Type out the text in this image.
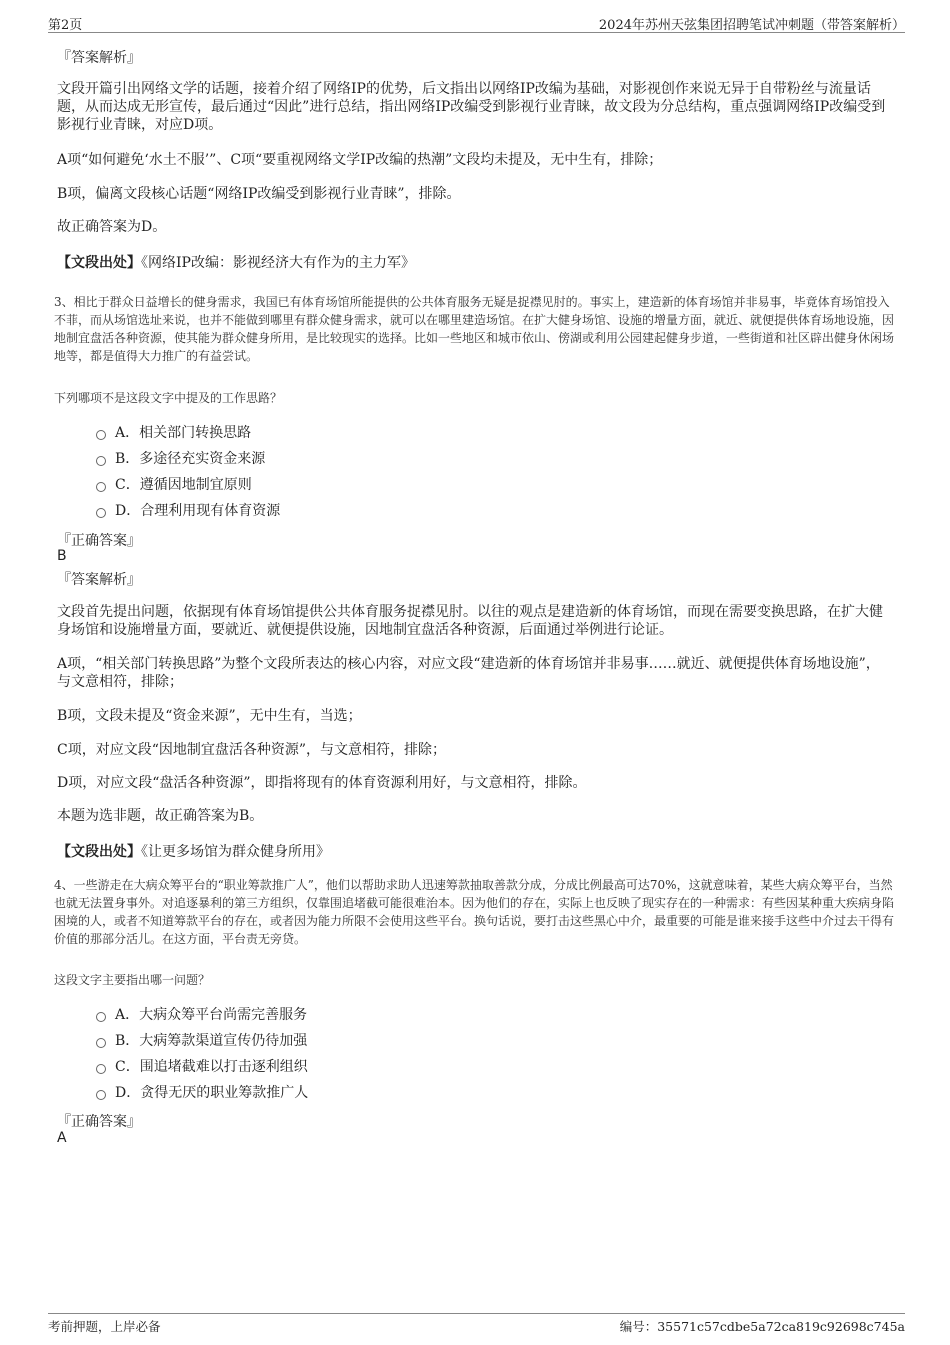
第2页	2024年苏州天弦集团招聘笔试冲刺题（带答案解析）
『答案解析』
文段开篇引出网络文学的话题，接着介绍了网络IP的优势，后文指出以网络IP改编为基础，对影视创作来说无异于自带粉丝与流量话题，从而达成无形宣传，最后通过“因此”进行总结，指出网络IP改编受到影视行业青睐，故文段为分总结构，重点强调网络IP改编受到影视行业青睐，对应D项。
A项“如何避免‘水土不服’”、C项“要重视网络文学IP改编的热潮”文段均未提及，无中生有，排除；
B项，偏离文段核心话题“网络IP改编受到影视行业青睐”，排除。
故正确答案为D。
【文段出处】《网络IP改编：影视经济大有作为的主力军》
3、相比于群众日益增长的健身需求，我国已有体育场馆所能提供的公共体育服务无疑是捉襟见肘的。事实上，建造新的体育场馆并非易事，毕竟体育场馆投入不菲，而从场馆选址来说，也并不能做到哪里有群众健身需求，就可以在哪里建造场馆。在扩大健身场馆、设施的增量方面，就近、就便提供体育场地设施，因地制宜盘活各种资源，使其能为群众健身所用，是比较现实的选择。比如一些地区和城市依山、傍湖或利用公园建起健身步道，一些街道和社区辟出健身休闲场地等，都是值得大力推广的有益尝试。
下列哪项不是这段文字中提及的工作思路？
A． 相关部门转换思路
B． 多途径充实资金来源
C． 遵循因地制宜原则
D． 合理利用现有体育资源
『正确答案』
B
『答案解析』
文段首先提出问题，依据现有体育场馆提供公共体育服务捉襟见肘。以往的观点是建造新的体育场馆，而现在需要变换思路，在扩大健身场馆和设施增量方面，要就近、就便提供设施，因地制宜盘活各种资源，后面通过举例进行论证。
A项，“相关部门转换思路”为整个文段所表达的核心内容，对应文段“建造新的体育场馆并非易事……就近、就便提供体育场地设施”，与文意相符，排除；
B项，文段未提及“资金来源”，无中生有，当选；
C项，对应文段“因地制宜盘活各种资源”，与文意相符，排除；
D项，对应文段“盘活各种资源”，即指将现有的体育资源利用好，与文意相符，排除。
本题为选非题，故正确答案为B。
【文段出处】《让更多场馆为群众健身所用》
4、一些游走在大病众筹平台的“职业筹款推广人”，他们以帮助求助人迅速筹款抽取善款分成，分成比例最高可达70%，这就意味着，某些大病众筹平台，当然也就无法置身事外。对追逐暴利的第三方组织，仅靠围追堵截可能很难治本。因为他们的存在，实际上也反映了现实存在的一种需求：有些因某种重大疾病身陷困境的人，或者不知道筹款平台的存在，或者因为能力所限不会使用这些平台。换句话说，要打击这些黑心中介，最重要的可能是谁来接手这些中介过去干得有价值的那部分活儿。在这方面，平台责无旁贷。
这段文字主要指出哪一问题？
A． 大病众筹平台尚需完善服务
B． 大病筹款渠道宣传仍待加强
C． 围追堵截难以打击逐利组织
D． 贪得无厌的职业筹款推广人
『正确答案』
A
考前押题，上岸必备	编号：35571c57cdbe5a72ca819c92698c745a
